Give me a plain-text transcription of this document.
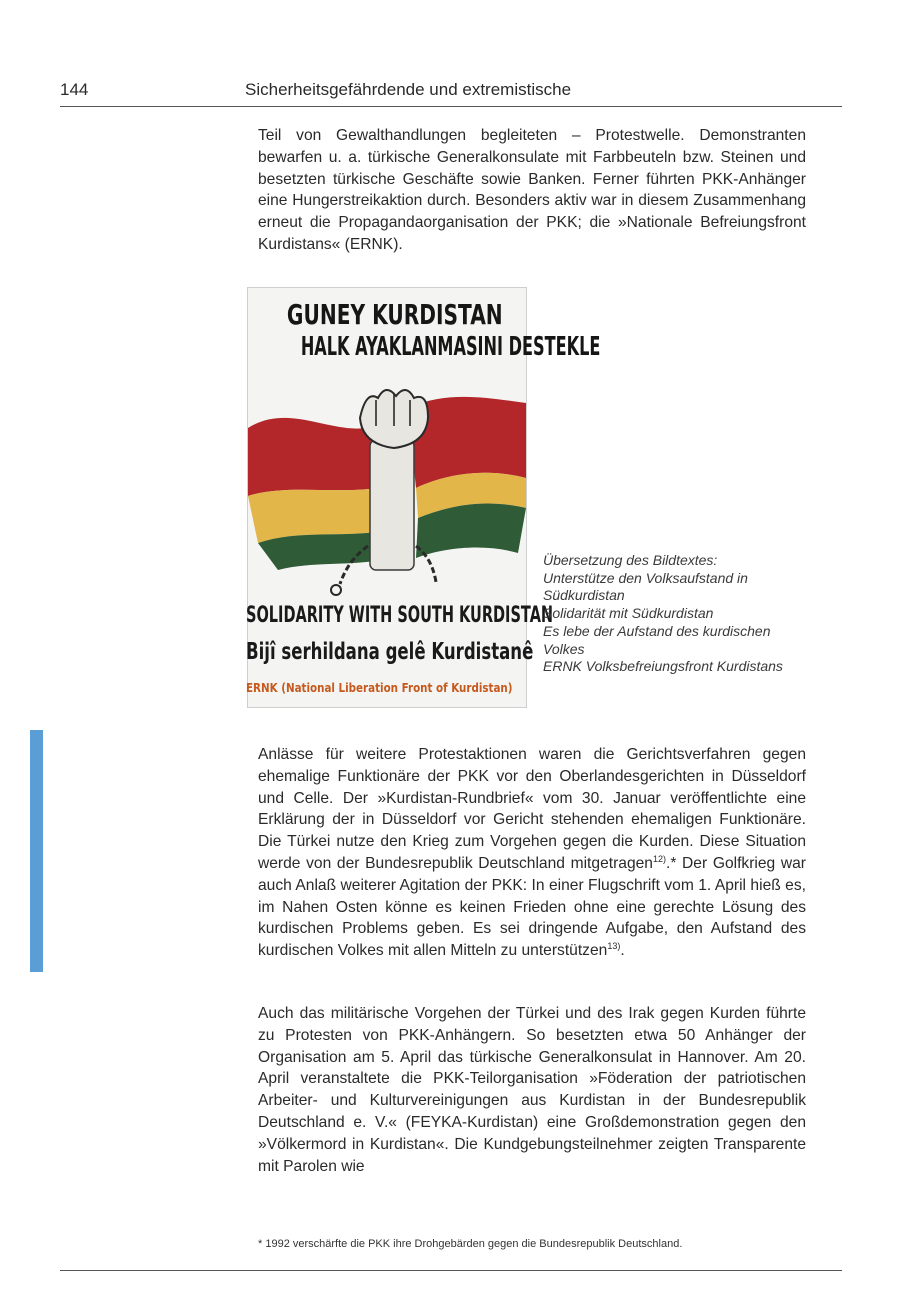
144	Sicherheitsgefährdende und extremistische

Teil von Gewalthandlungen begleiteten – Protestwelle. Demonstranten bewarfen u. a. türkische Generalkonsulate mit Farbbeuteln bzw. Steinen und besetzten türkische Geschäfte sowie Banken. Ferner führten PKK-Anhänger eine Hungerstreikaktion durch. Besonders aktiv war in diesem Zusammenhang erneut die Propagandaorganisation der PKK; die »Nationale Befreiungsfront Kurdistans« (ERNK).

GUNEY KURDISTAN
HALK AYAKLANMASINI DESTEKLE
SOLIDARITY WITH SOUTH KURDISTAN
Bijî serhildana gelê Kurdistanê
ERNK (National Liberation Front of Kurdistan)

Übersetzung des Bildtextes:

Unterstütze den Volksaufstand in Südkurdistan

Solidarität mit Südkurdistan

Es lebe der Aufstand des kurdischen Volkes

ERNK Volksbefreiungsfront Kurdistans

Anlässe für weitere Protestaktionen waren die Gerichtsverfahren gegen ehemalige Funktionäre der PKK vor den Oberlandesgerichten in Düsseldorf und Celle. Der »Kurdistan-Rundbrief« vom 30. Januar veröffentlichte eine Erklärung der in Düsseldorf vor Gericht stehenden ehemaligen Funktionäre. Die Türkei nutze den Krieg zum Vorgehen gegen die Kurden. Diese Situation werde von der Bundesrepublik Deutschland mitgetragen$^{12)}$.* Der Golfkrieg war auch Anlaß weiterer Agitation der PKK: In einer Flugschrift vom 1. April hieß es, im Nahen Osten könne es keinen Frieden ohne eine gerechte Lösung des kurdischen Problems geben. Es sei dringende Aufgabe, den Aufstand des kurdischen Volkes mit allen Mitteln zu unterstützen$^{13)}$.

Auch das militärische Vorgehen der Türkei und des Irak gegen Kurden führte zu Protesten von PKK-Anhängern. So besetzten etwa 50 Anhänger der Organisation am 5. April das türkische Generalkonsulat in Hannover. Am 20. April veranstaltete die PKK-Teilorganisation »Föderation der patriotischen Arbeiter- und Kulturvereinigungen aus Kurdistan in der Bundesrepublik Deutschland e. V.« (FEYKA-Kurdistan) eine Großdemonstration gegen den »Völkermord in Kurdistan«. Die Kundgebungsteilnehmer zeigten Transparente mit Parolen wie

* 1992 verschärfte die PKK ihre Drohgebärden gegen die Bundesrepublik Deutschland.
